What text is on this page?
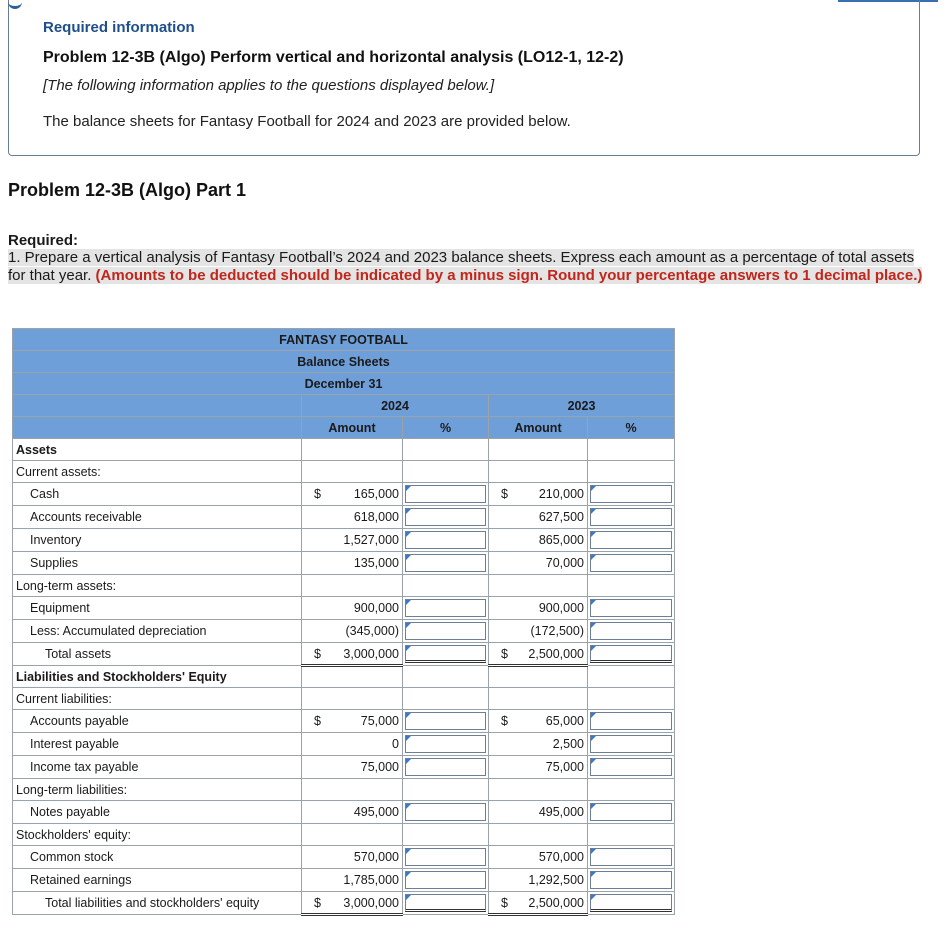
Required information
Problem 12-3B (Algo) Perform vertical and horizontal analysis (LO12-1, 12-2)
[The following information applies to the questions displayed below.]
The balance sheets for Fantasy Football for 2024 and 2023 are provided below.
Problem 12-3B (Algo) Part 1
Required:
1. Prepare a vertical analysis of Fantasy Football’s 2024 and 2023 balance sheets. Express each amount as a percentage of total assets for that year. (Amounts to be deducted should be indicated by a minus sign. Round your percentage answers to 1 decimal place.)
FANTASY FOOTBALL				
Balance Sheets				
December 31				
	2024		2023	
	Amount	%	Amount	%
Assets				
Current assets:				
Cash	$ 165,000		$ 210,000	

Accounts receivable	618,000		627,500	

Inventory	1,527,000		865,000	

Supplies	135,000		70,000	

Long-term assets:				
Equipment	900,000		900,000	

Less: Accumulated depreciation	(345,000)		(172,500)	

Total assets	$ 3,000,000		$ 2,500,000	

Liabilities and Stockholders' Equity				
Current liabilities:				
Accounts payable	$ 75,000		$ 65,000	

Interest payable	0		2,500	

Income tax payable	75,000		75,000	

Long-term liabilities:				
Notes payable	495,000		495,000	

Stockholders' equity:				
Common stock	570,000		570,000	

Retained earnings	1,785,000		1,292,500	

Total liabilities and stockholders' equity	$ 3,000,000		$ 2,500,000	
